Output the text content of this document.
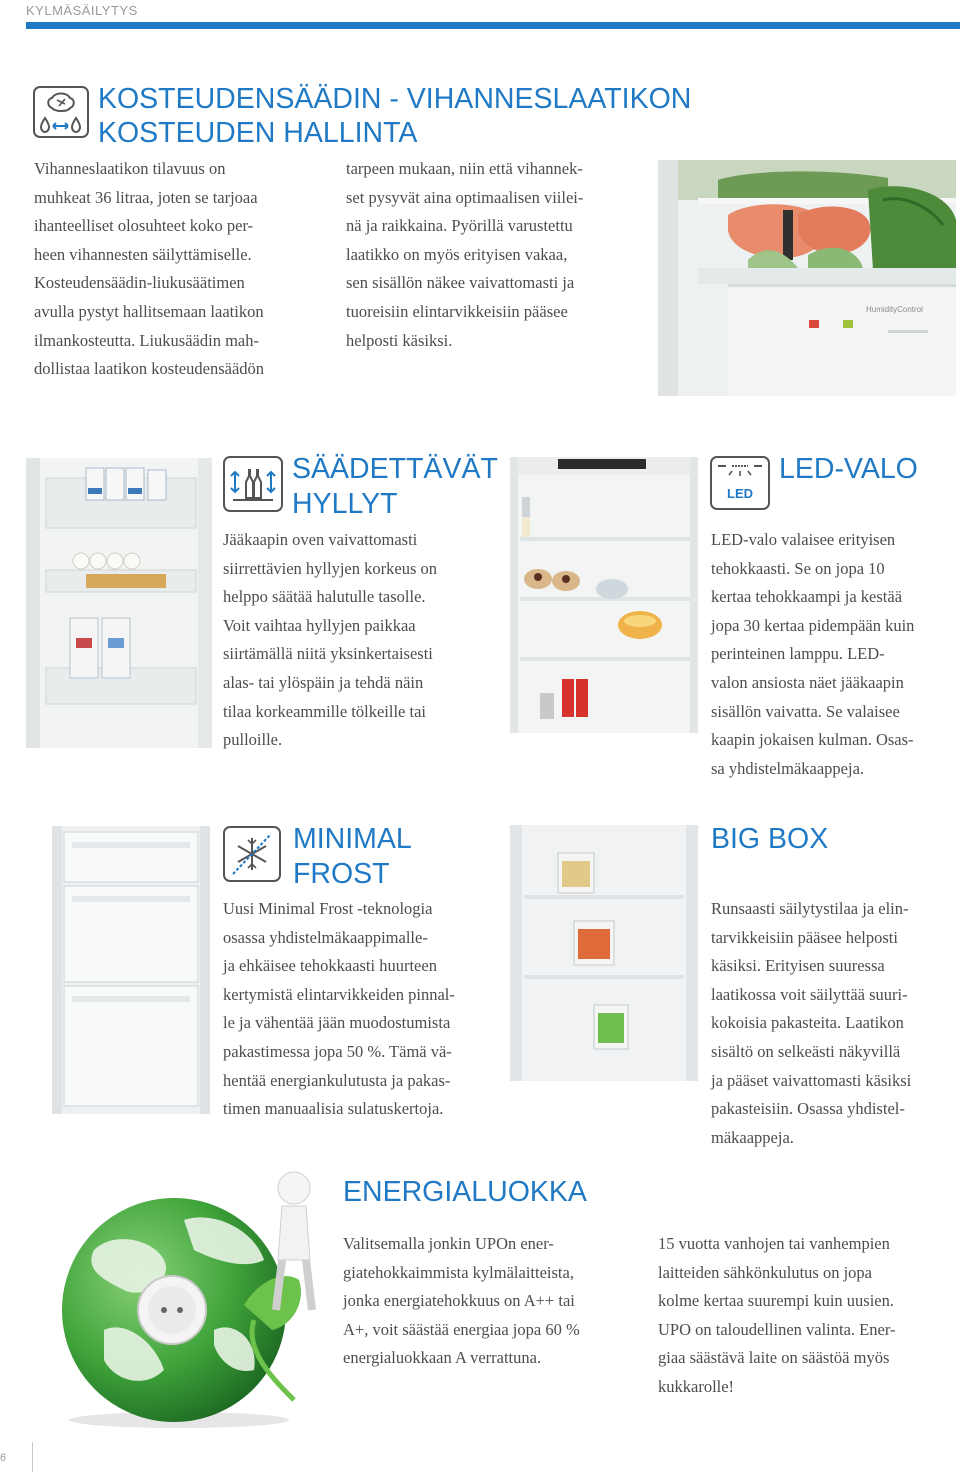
KYLMÄSÄILYTYS
KOSTEUDENSÄÄDIN - VIHANNESLAATIKON
KOSTEUDEN HALLINTA
Vihanneslaatikon tilavuus on
muhkeat 36 litraa, joten se tarjoaa
ihanteelliset olosuhteet koko per-
heen vihannesten säilyttämiselle.
Kosteudensäädin-liukusäätimen
avulla pystyt hallitsemaan laatikon
ilmankosteutta. Liukusäädin mah-
dollistaa laatikon kosteudensäädön
tarpeen mukaan, niin että vihannek-
set pysyvät aina optimaalisen viilei-
nä ja raikkaina. Pyörillä varustettu
laatikko on myös erityisen vakaa,
sen sisällön näkee vaivattomasti ja
tuoreisiin elintarvikkeisiin pääsee
helposti käsiksi.
HumidityControl
SÄÄDETTÄVÄT
HYLLYT
Jääkaapin oven vaivattomasti
siirrettävien hyllyjen korkeus on
helppo säätää halutulle tasolle.
Voit vaihtaa hyllyjen paikkaa
siirtämällä niitä yksinkertaisesti
alas- tai ylöspäin ja tehdä näin
tilaa korkeammille tölkeille tai
pulloille.
LED
LED-VALO
LED-valo valaisee erityisen
tehokkaasti. Se on jopa 10
kertaa tehokkaampi ja kestää
jopa 30 kertaa pidempään kuin
perinteinen lamppu. LED-
valon ansiosta näet jääkaapin
sisällön vaivatta. Se valaisee
kaapin jokaisen kulman. Osas-
sa yhdistelmäkaappeja.
MINIMAL
FROST
Uusi Minimal Frost -teknologia
osassa yhdistelmäkaappimalle-
ja ehkäisee tehokkaasti huurteen
kertymistä elintarvikkeiden pinnal-
le ja vähentää jään muodostumista
pakastimessa jopa 50 %. Tämä vä-
hentää energiankulutusta ja pakas-
timen manuaalisia sulatuskertoja.
BIG BOX
Runsaasti säilytystilaa ja elin-
tarvikkeisiin pääsee helposti
käsiksi. Erityisen suuressa
laatikossa voit säilyttää suuri-
kokoisia pakasteita. Laatikon
sisältö on selkeästi näkyvillä
ja pääset vaivattomasti käsiksi
pakasteisiin. Osassa yhdistel-
mäkaappeja.
ENERGIALUOKKA
Valitsemalla jonkin UPOn ener-
giatehokkaimmista kylmälaitteista,
jonka energiatehokkuus on A++ tai
A+, voit säästää energiaa jopa 60 %
energialuokkaan A verrattuna.
15 vuotta vanhojen tai vanhempien
laitteiden sähkönkulutus on jopa
kolme kertaa suurempi kuin uusien.
UPO on taloudellinen valinta. Ener-
giaa säästävä laite on säästöä myös
kukkarolle!
6
